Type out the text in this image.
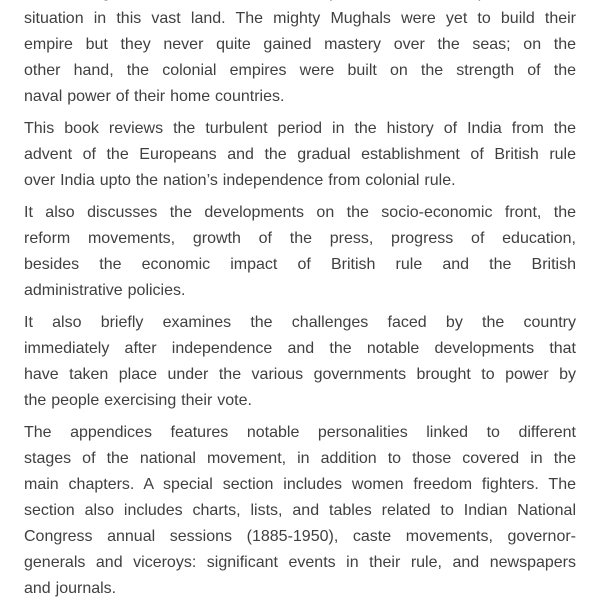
situation in this vast land. The mighty Mughals were yet to build their
empire but they never quite gained mastery over the seas; on the
other hand, the colonial empires were built on the strength of the
naval power of their home countries.
This book reviews the turbulent period in the history of India from the
advent of the Europeans and the gradual establishment of British rule
over India upto the nation’s independence from colonial rule.
It also discusses the developments on the socio-economic front, the
reform movements, growth of the press, progress of education,
besides the economic impact of British rule and the British
administrative policies.
It also briefly examines the challenges faced by the country
immediately after independence and the notable developments that
have taken place under the various governments brought to power by
the people exercising their vote.
The appendices features notable personalities linked to different
stages of the national movement, in addition to those covered in the
main chapters. A special section includes women freedom fighters. The
section also includes charts, lists, and tables related to Indian National
Congress annual sessions (1885-1950), caste movements, governor-
generals and viceroys: significant events in their rule, and newspapers
and journals.
